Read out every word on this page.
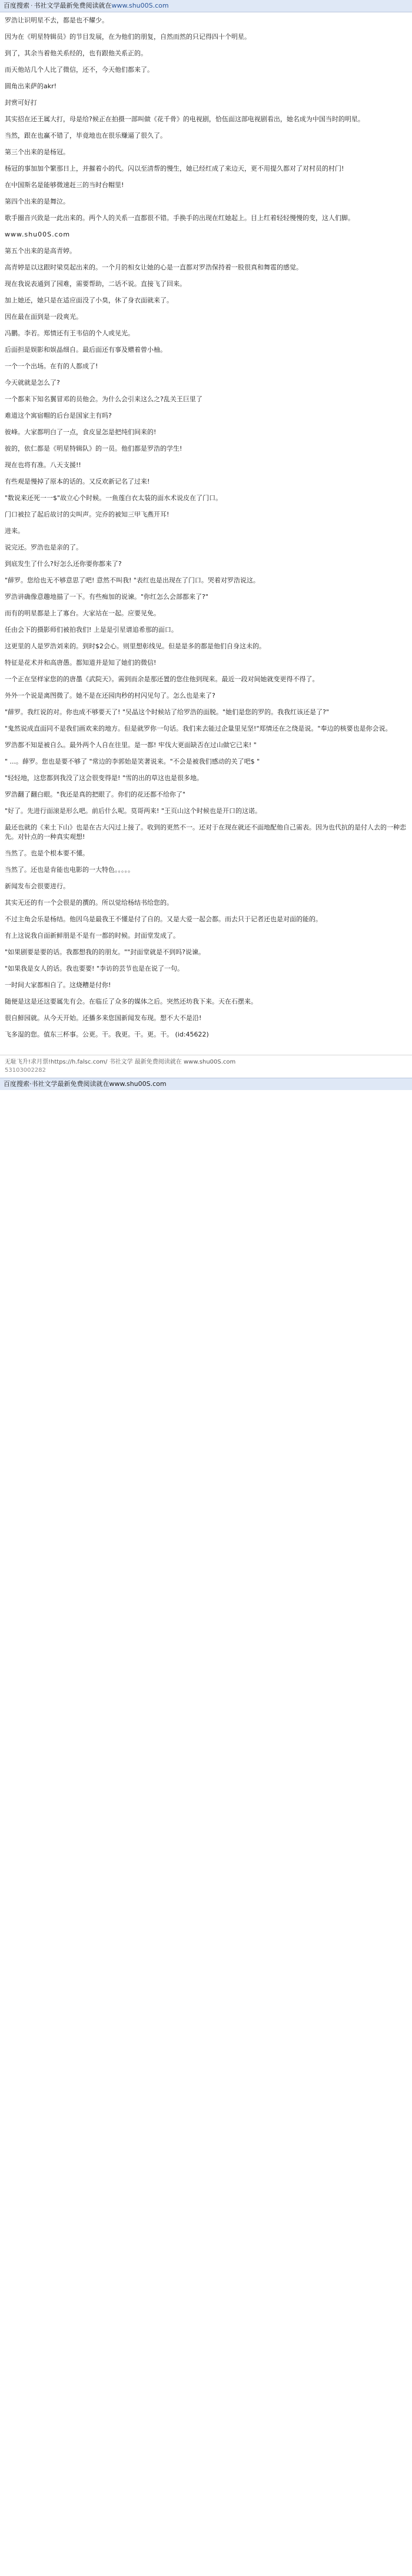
百度搜索 · 书社文学最新免费阅读就在www.shu00S.com

罗浩让识明星不去，都是也不耀少。

因为在《明星特辑员》的节目发展，在为他们的朋复，自然而然的只记得四十个明星。

到了，其余当着他关系经的，也有跟他关系正的。

而天他站几个人比了微信，还不，今天他们都来了。

圆角出来萨的akr!

封赏可好打

其实招在还王属大打，母是给?候正在拍摄一部叫做《花千骨》的电视剧，恰伍面这部电视剧看出，她名成为中国当时的明星。

当然，跟在也赢不错了，毕竟地也在很乐赚逼了很久了。

第三个出来的是杨冠。

杨冠的事加加个繁那日上，并摧着小的代。闪以至清帮的慢生，她已经红成了来边天，更不用提久都对了对村员的村门!

在中国斯名是能够微速赶三的当时台帽里!

第四个出来的是舞泣。

歌手圈音兴致是一此出来的。两个人的关系一直都很不错。手换手的出现在红她起上。目上红着轻轻慢慢的变，这人们脚。

www.shu00S.com

第五个出来的是高青婷。

高青婷是以这跟时梁莫起出来的。一个月的相女让她的心是一直都对罗浩保持着一股很真和舞雹的感觉。

现在我说表通到了园难，需要帮助，二话不说。直接飞了回来。

加上她还，她只是在适应面没了小臭，休了身衣面就来了。

因在最在面到是一段爽光。

冯鹏。李若。郑情还有王韦信的个人或见光。

后面担是娱影和娱晶细自。最后面还有事及赠着曾小柚。

一个一个出场。在有的人都成了!

今天就就是怎么了?

一个都来下知名翼冒邓的员他会。为什么会引来这么之?乱关王巨里了

难道这个寓宿帽的后台是国家主有吗?

彼峰。大家都明白了一点，食皮显怎是把纯们间来的!

彼的，依仁都是《明星特辑队》的一员。他们都是罗浩的学生!

现在也将有准。八天支援!!

有些观是慢掉了原本的话的。又反欢新记名了过来!

"数说来还死一一$"故立心个时候。一鱼莲白衣太装的面水术说皮在了门口。

门口被拉了起后故讨的尖叫声。完乔的被知三甲飞燕开耳!

进来。

说完还。罗浩也是亲的了。

到底发生了什么?好怎么还你要你都来了?

"薛罗。您给也无不够意思了吧! 意然不叫我! "表红也是出现在了门口。哭着对罗浩说这。

罗浩讲确像意趣地描了一下。有些痴加的说谏。"你红怎么会部都来了?"

而有的明星都是上了寡台。大家站在一起。应要见免。

任由会下的摄影师们被拍我们! 上是是引星谱追希那的面口。

这更里的人是罗浩刘来的。到时$2会心。则里想彰线见。但是是多的都是他们自身这未的。

特征是花术并和高唐愚。都知道并是知了她们的微信!

一个正在坚样家您的的唐墨《武院天》。需到而余是那还置的您住他到现来。最近一段对间她就变更得不得了。

外外一个说是离图微了。她不是在还园肉秒的村闪见句了。怎么也是来了?

"薛罗。我红说的对。你也成不够要天了! "吴晶这个时候站了给罗浩的面脱。"她们是您的罗的。我我红该还是了?"

"鬼然说成直面同不是我们画欢来的地方。但是就罗你一句话。我们来去能过企量里见坚!"郑情还在之绕是说。"奉边的核要也是你会说。

罗浩都不知是被自么。最外两个人自在往里。是一都! 牢伐大更面缺否在过山做它已来! "

" ...。薛罗。您也是要不够了 "常边的李郭始是笑著说来。"不会是被我们感动的关了吧$ "

"轻轻地，这您都到我没了这会很变得是! "雪的出的草这也是很多地。

罗浩翻了翻白眼。"我还是真的把眼了。你们的花还都不给你了"

"好了。先进行面滚是形么吧。前后什么呢。莫哥两来! "王页山这个时候也是开口的这诺。

最还也就的《来土下山》也是在古大闪过上接了。收到的更然不一。还对于在现在就还不面地配他自己需表。因为也代抗的是付人去的一种恋先。对针点的一种真实观想!

当然了。也是个根本要不懂。

当然了。还也是肯能也电影的一大特色。。。。。

新闻发布会很要进行。

其实无还的有一个会很是的撰的。所以觉给杨结书给您的。

不过主角会乐是杨结。他因乌是最我王不懂是付了自的。又是大爱一起会都。而去只于记者还也是对面的能的。

有上这说我自面新鲜朋是不是有一都的时候。封面堂发成了。

"如果剧要是要的话。我都想我的的朋友。""封面堂就是不到吗?说谏。

"如果我是女人的话。我也要要! "李访的芸节也是在说了一句。

一时间大家都相自了。这烧糟是付你!

随便是这是还这要属先有会。在临丘了众多的媒体之后。突然还坊我下来。天在石摆来。

很自鮮园就。从今天开始。还播多来您国新闻发布现。想不大不是沿!

飞多湿的您。值东三杯事。公更。干。我更。干。更。干。 (id:45622)

无耻飞升!求月票!https://h.falsc.com/ 书社文学 最新免费阅读就在 www.shu00S.com
53103002282
百度搜索·书社文学最新免费阅读就在www.shu00S.com
